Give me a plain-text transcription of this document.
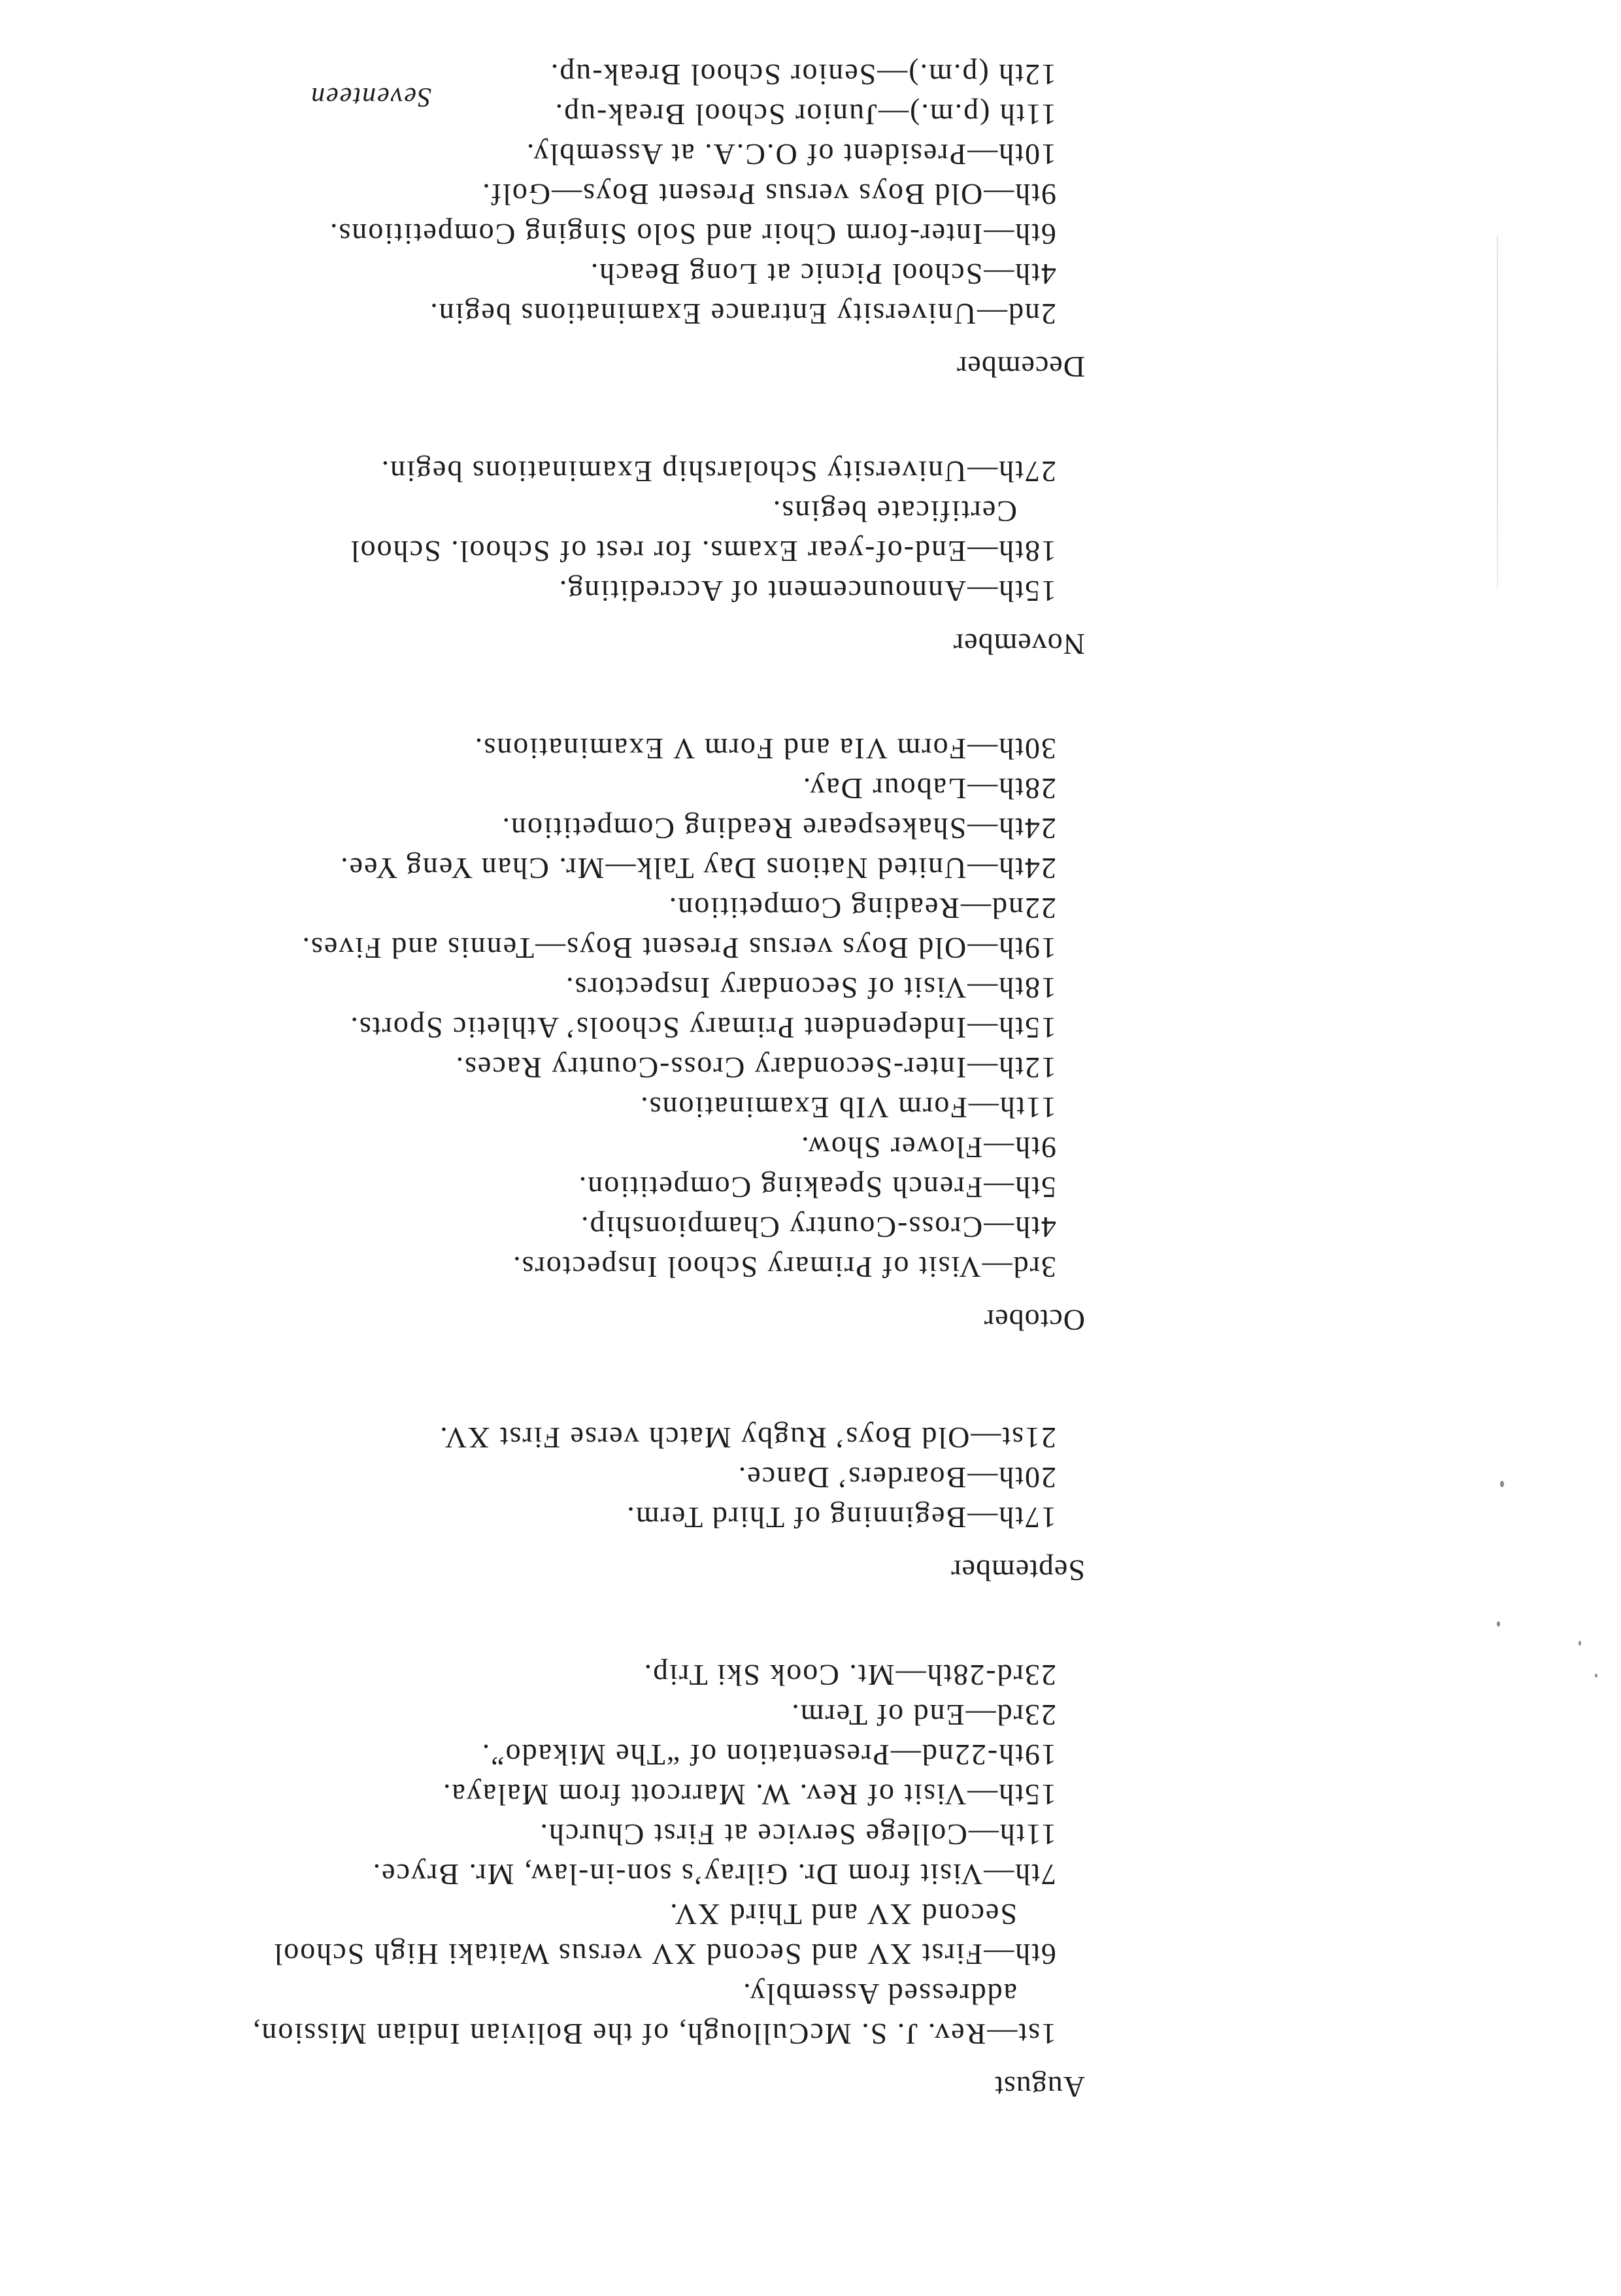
August
1st—Rev. J. S. McCullough, of the Bolivian Indian Mission, addressed Assembly.
6th—First XV and Second XV versus Waitaki High School Second XV and Third XV.
7th—Visit from Dr. Gilray’s son-in-law, Mr. Bryce.
11th—College Service at First Church.
15th—Visit of Rev. W. Marrcott from Malaya.
19th-22nd—Presentation of “The Mikado”.
23rd—End of Term.
23rd-28th—Mt. Cook Ski Trip.
September
17th—Beginning of Third Term.
20th—Boarders’ Dance.
21st—Old Boys’ Rugby Match verse First XV.
October
3rd—Visit of Primary School Inspectors.
4th—Cross-Country Championship.
5th—French Speaking Competition.
9th—Flower Show.
11th—Form VIb Examinations.
12th—Inter-Secondary Cross-Country Races.
15th—Independent Primary Schools’ Athletic Sports.
18th—Visit of Secondary Inspectors.
19th—Old Boys versus Present Boys—Tennis and Fives.
22nd—Reading Competition.
24th—United Nations Day Talk—Mr. Chan Yeng Yee.
24th—Shakespeare Reading Competition.
28th—Labour Day.
30th—Form VIa and Form V Examinations.
November
15th—Announcement of Accrediting.
18th—End-of-year Exams. for rest of School. School Certificate begins.
27th—University Scholarship Examinations begin.
December
2nd—University Entrance Examinations begin.
4th—School Picnic at Long Beach.
6th—Inter-form Choir and Solo Singing Competitions.
9th—Old Boys versus Present Boys—Golf.
10th—President of O.C.A. at Assembly.
11th (p.m.)—Junior School Break-up.
12th (p.m.)—Senior School Break-up.
Seventeen
